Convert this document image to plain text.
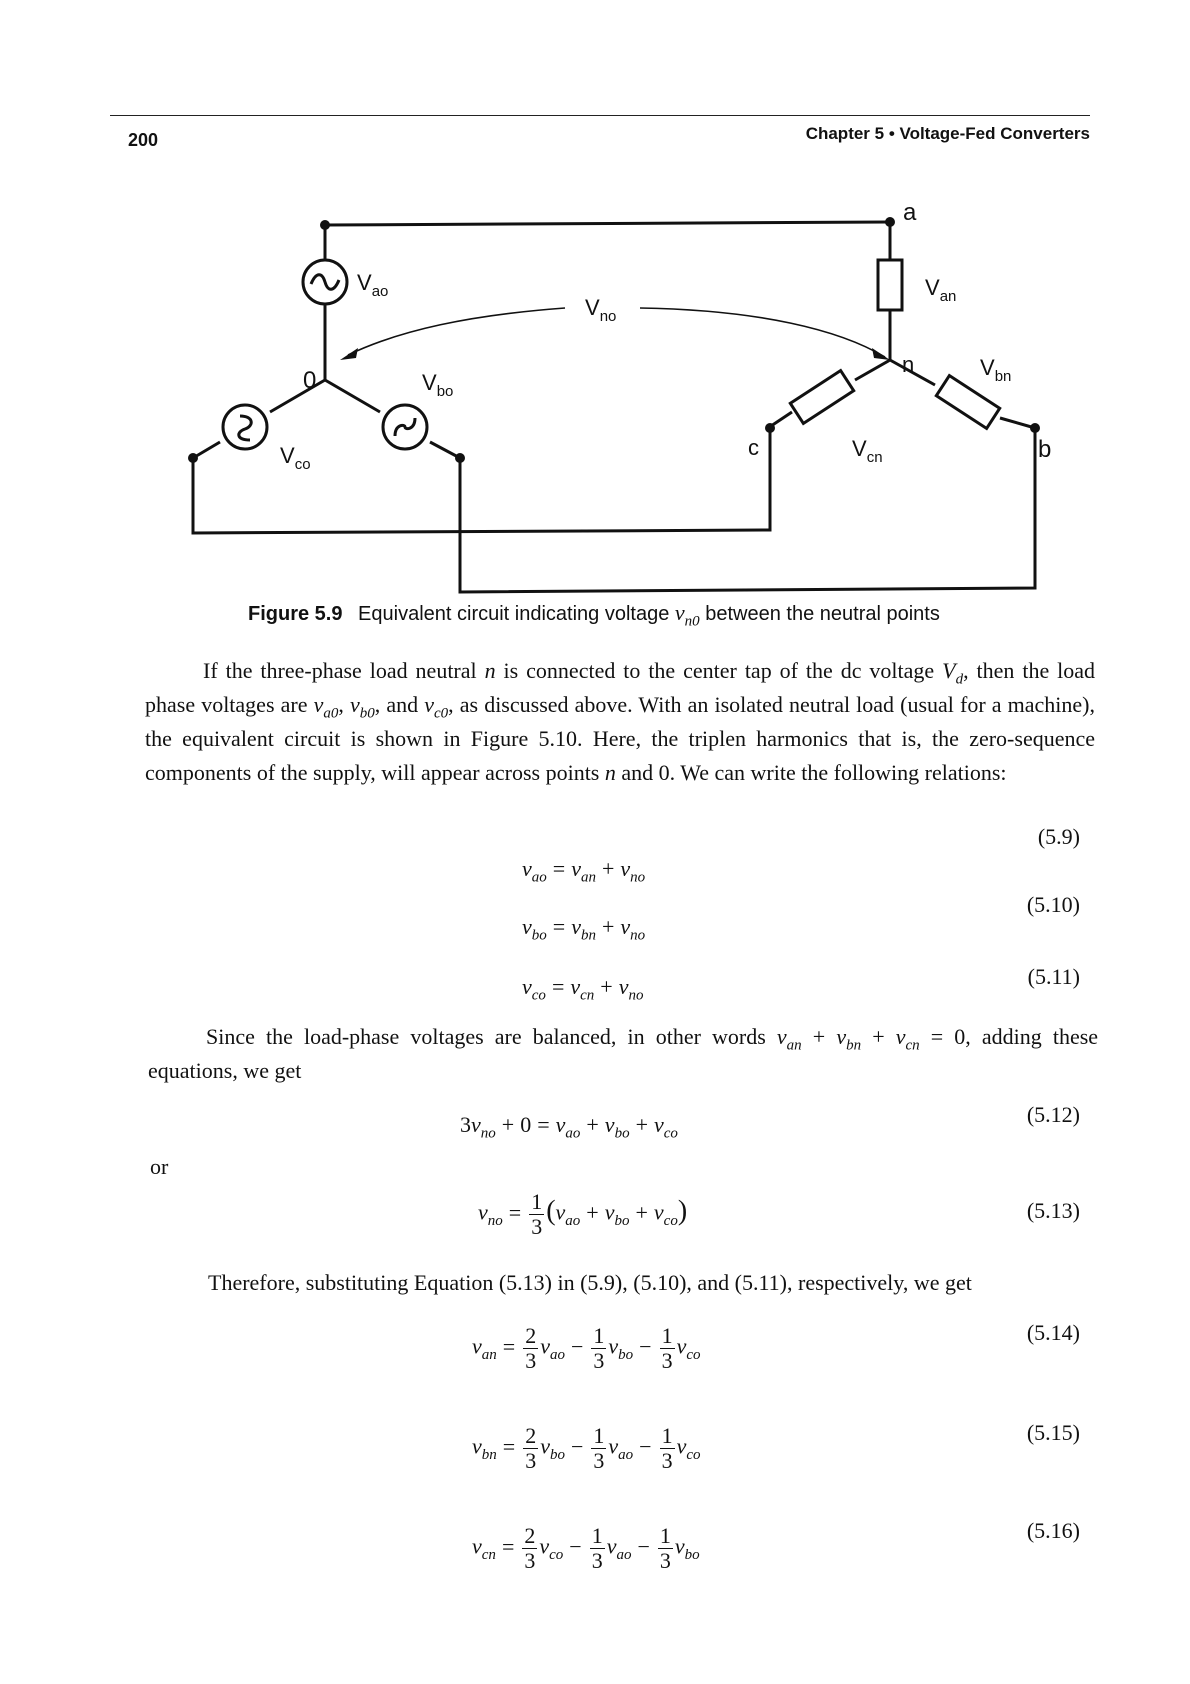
200	Chapter 5 • Voltage-Fed Converters
a
b
c
n
0
$V_{ao}$
$V_{bo}$
$V_{co}$
$V_{an}$
$V_{bn}$
$V_{cn}$
$V_{no}$
Figure 5.9 Equivalent circuit indicating voltage $v_{n0}$ between the neutral points
If the three-phase load neutral n is connected to the center tap of the dc voltage $V_d$, then the load phase voltages are $v_{a0}$, $v_{b0}$, and $v_{c0}$, as discussed above. With an isolated neutral load (usual for a machine), the equivalent circuit is shown in Figure 5.10. Here, the triplen harmonics that is, the zero-sequence components of the supply, will appear across points n and 0. We can write the following relations:
$v_{ao} = v_{an} + v_{no}$
(5.9)
$v_{bo} = v_{bn} + v_{no}$
(5.10)
$v_{co} = v_{cn} + v_{no}$
(5.11)
Since the load-phase voltages are balanced, in other words $v_{an} + v_{bn} + v_{cn} = 0$, adding these equations, we get
$3v_{no} + 0 = v_{ao} + v_{bo} + v_{co}$
(5.12)
or
$v_{no} = \frac{1}{3} (v_{ao} + v_{bo} + v_{co})$	(5.13)
Therefore, substituting Equation (5.13) in (5.9), (5.10), and (5.11), respectively, we get
$v_{an} = \frac{2}{3} v_{ao} - \frac{1}{3} v_{bo} - \frac{1}{3} v_{co}$
(5.14)
$v_{bn} = \frac{2}{3} v_{bo} - \frac{1}{3} v_{ao} - \frac{1}{3} v_{co}$
(5.15)
$v_{cn} = \frac{2}{3} v_{co} - \frac{1}{3} v_{ao} - \frac{1}{3} v_{bo}$
(5.16)
